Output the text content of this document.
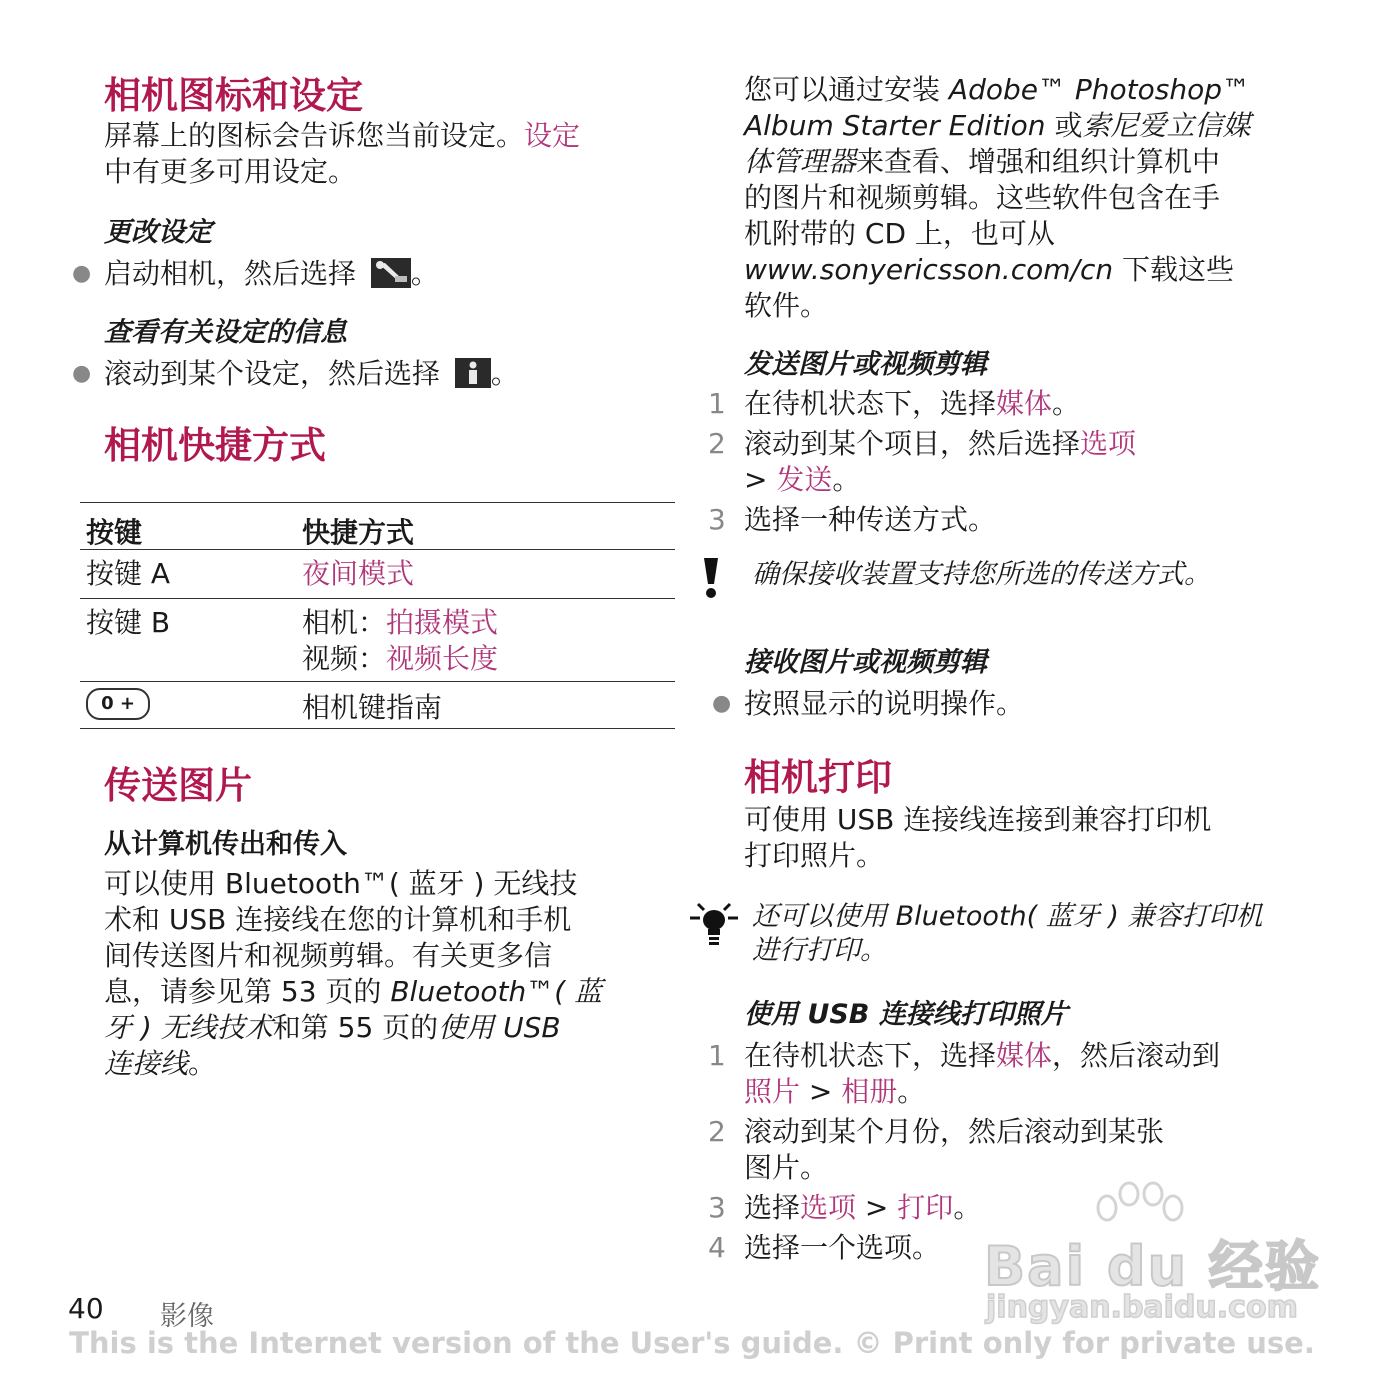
相机图标和设定
屏幕上的图标会告诉您当前设定。设定
中有更多可用设定。
更改设定
● 启动相机，然后选择 。
查看有关设定的信息
● 滚动到某个设定，然后选择 。
相机快捷方式
按键	快捷方式
按键 A	夜间模式
按键 B	相机：拍摄模式
视频：视频长度
0 +	相机键指南
传送图片
从计算机传出和传入
可以使用 Bluetooth™( 蓝牙 ) 无线技
术和 USB 连接线在您的计算机和手机
间传送图片和视频剪辑。有关更多信
息，请参见第 53 页的 Bluetooth™( 蓝
牙 ) 无线技术和第 55 页的使用 USB
连接线。
您可以通过安装 Adobe™ Photoshop™
Album Starter Edition 或索尼爱立信媒
体管理器来查看、增强和组织计算机中
的图片和视频剪辑。这些软件包含在手
机附带的 CD 上，也可从
www.sonyericsson.com/cn 下载这些
软件。
发送图片或视频剪辑
1 在待机状态下，选择媒体。
2 滚动到某个项目，然后选择选项
> 发送。
3 选择一种传送方式。
确保接收装置支持您所选的传送方式。
接收图片或视频剪辑
● 按照显示的说明操作。
相机打印
可使用 USB 连接线连接到兼容打印机
打印照片。
还可以使用 Bluetooth( 蓝牙 ) 兼容打印机
进行打印。
使用 USB 连接线打印照片
1 在待机状态下，选择媒体，然后滚动到
照片 > 相册。
2 滚动到某个月份，然后滚动到某张
图片。
3 选择选项 > 打印。
4 选择一个选项。 Bai du 经验
jingyan.baidu.com
40 影像
This is the Internet version of the User's guide. © Print only for private use.
